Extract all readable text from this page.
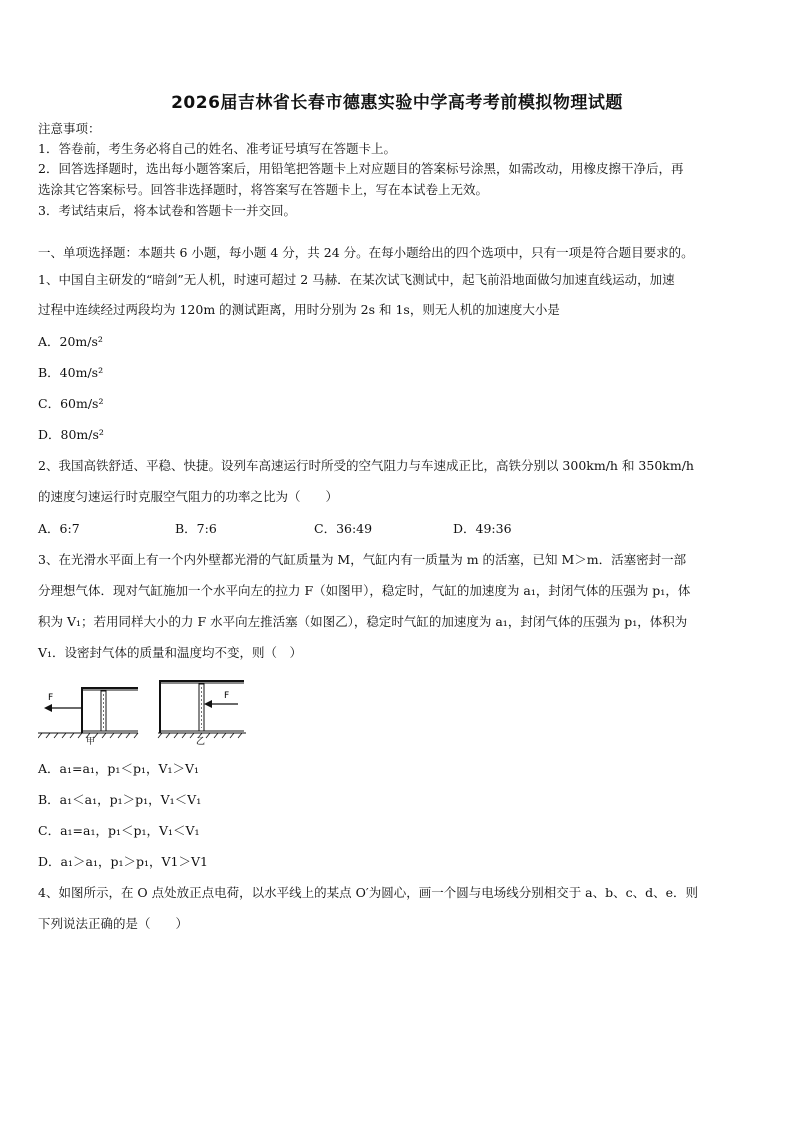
2026届吉林省长春市德惠实验中学高考考前模拟物理试题
注意事项：
1．答卷前，考生务必将自己的姓名、准考证号填写在答题卡上。
2．回答选择题时，选出每小题答案后，用铅笔把答题卡上对应题目的答案标号涂黑，如需改动，用橡皮擦干净后，再
选涂其它答案标号。回答非选择题时，将答案写在答题卡上，写在本试卷上无效。
3．考试结束后，将本试卷和答题卡一并交回。
一、单项选择题：本题共 6 小题，每小题 4 分，共 24 分。在每小题给出的四个选项中，只有一项是符合题目要求的。
1、中国自主研发的“暗剑”无人机，时速可超过 2 马赫．在某次试飞测试中，起飞前沿地面做匀加速直线运动，加速
过程中连续经过两段均为 120m 的测试距离，用时分别为 2s 和 1s，则无人机的加速度大小是
A．20m/s²
B．40m/s²
C．60m/s²
D．80m/s²
2、我国高铁舒适、平稳、快捷。设列车高速运行时所受的空气阻力与车速成正比，高铁分别以 300km/h 和 350km/h
的速度匀速运行时克服空气阻力的功率之比为（　　）
A．6:7	B．7:6	C．36:49	D．49:36
3、在光滑水平面上有一个内外壁都光滑的气缸质量为 M，气缸内有一质量为 m 的活塞，已知 M＞m．活塞密封一部
分理想气体．现对气缸施加一个水平向左的拉力 F（如图甲），稳定时，气缸的加速度为 a₁，封闭气体的压强为 p₁，体
积为 V₁；若用同样大小的力 F 水平向左推活塞（如图乙），稳定时气缸的加速度为 a₁，封闭气体的压强为 p₁，体积为
V₁．设密封气体的质量和温度均不变，则（　）
F
甲
F
乙
A．a₁=a₁，p₁＜p₁，V₁＞V₁
B．a₁＜a₁，p₁＞p₁，V₁＜V₁
C．a₁=a₁，p₁＜p₁，V₁＜V₁
D．a₁＞a₁，p₁＞p₁，V1＞V1
4、如图所示，在 O 点处放正点电荷，以水平线上的某点 O′为圆心，画一个圆与电场线分别相交于 a、b、c、d、e．则
下列说法正确的是（　　）
